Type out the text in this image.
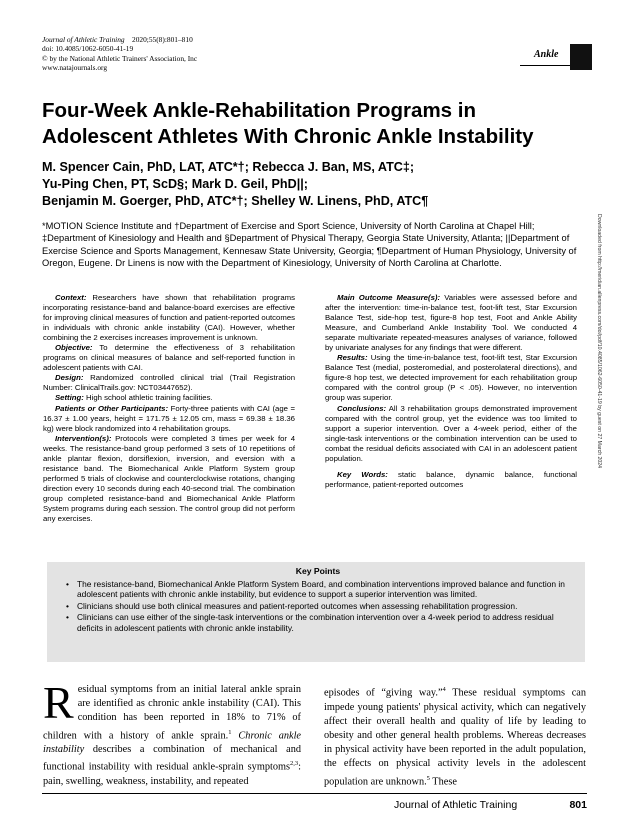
Journal of Athletic Training 2020;55(8):801–810
doi: 10.4085/1062-6050-41-19
© by the National Athletic Trainers' Association, Inc
www.natajournals.org
Ankle
Downloaded from http://meridian.allenpress.com/doi/pdf/10.4085/1062-6050-41-19 by guest on 27 March 2024
Four-Week Ankle-Rehabilitation Programs in
Adolescent Athletes With Chronic Ankle Instability
M. Spencer Cain, PhD, LAT, ATC*†; Rebecca J. Ban, MS, ATC‡;
Yu-Ping Chen, PT, ScD§; Mark D. Geil, PhD||;
Benjamin M. Goerger, PhD, ATC*†; Shelley W. Linens, PhD, ATC¶
*MOTION Science Institute and †Department of Exercise and Sport Science, University of North Carolina at Chapel Hill; ‡Department of Kinesiology and Health and §Department of Physical Therapy, Georgia State University, Atlanta; ||Department of Exercise Science and Sports Management, Kennesaw State University, Georgia; ¶Department of Human Physiology, University of Oregon, Eugene. Dr Linens is now with the Department of Kinesiology, University of North Carolina at Charlotte.

Context: Researchers have shown that rehabilitation programs incorporating resistance-band and balance-board exercises are effective for improving clinical measures of function and patient-reported outcomes in individuals with chronic ankle instability (CAI). However, whether combining the 2 exercises increases improvement is unknown.

Objective: To determine the effectiveness of 3 rehabilitation programs on clinical measures of balance and self-reported function in adolescent patients with CAI.

Design: Randomized controlled clinical trial (Trail Registration Number: ClinicalTrails.gov: NCT03447652).

Setting: High school athletic training facilities.

Patients or Other Participants: Forty-three patients with CAI (age = 16.37 ± 1.00 years, height = 171.75 ± 12.05 cm, mass = 69.38 ± 18.36 kg) were block randomized into 4 rehabilitation groups.

Intervention(s): Protocols were completed 3 times per week for 4 weeks. The resistance-band group performed 3 sets of 10 repetitions of ankle plantar flexion, dorsiflexion, inversion, and eversion with a resistance band. The Biomechanical Ankle Platform System group performed 5 trials of clockwise and counterclockwise rotations, changing direction every 10 seconds during each 40-second trial. The combination group completed resistance-band and Biomechanical Ankle Platform System programs during each session. The control group did not perform any exercises.

Main Outcome Measure(s): Variables were assessed before and after the intervention: time-in-balance test, foot-lift test, Star Excursion Balance Test, side-hop test, figure-8 hop test, Foot and Ankle Ability Measure, and Cumberland Ankle Instability Tool. We conducted 4 separate multivariate repeated-measures analyses of variance, followed by univariate analyses for any findings that were different.

Results: Using the time-in-balance test, foot-lift test, Star Excursion Balance Test (medial, posteromedial, and posterolateral directions), and figure-8 hop test, we detected improvement for each rehabilitation group compared with the control group (P < .05). However, no intervention group was superior.

Conclusions: All 3 rehabilitation groups demonstrated improvement compared with the control group, yet the evidence was too limited to support a superior intervention. Over a 4-week period, either of the single-task interventions or the combination intervention can be used to combat the residual deficits associated with CAI in an adolescent patient population.

Key Words: static balance, dynamic balance, functional performance, patient-reported outcomes

Key Points
• The resistance-band, Biomechanical Ankle Platform System Board, and combination interventions improved balance and function in adolescent patients with chronic ankle instability, but evidence to support a superior intervention was limited.
• Clinicians should use both clinical measures and patient-reported outcomes when assessing rehabilitation progression.
• Clinicians can use either of the single-task interventions or the combination intervention over a 4-week period to address residual deficits in adolescent patients with chronic ankle instability.
Residual symptoms from an initial lateral ankle sprain are identified as chronic ankle instability (CAI). This condition has been reported in 18% to 71% of children with a history of ankle sprain.$^1$ Chronic ankle instability describes a combination of mechanical and functional instability with residual ankle-sprain symptoms$^{2,3}$: pain, swelling, weakness, instability, and repeated
episodes of “giving way.”$^4$ These residual symptoms can impede young patients' physical activity, which can negatively affect their overall health and quality of life by leading to obesity and other general health problems. Whereas decreases in physical activity have been reported in the adult population, the effects on physical activity levels in the adolescent population are unknown.$^5$ These
Journal of Athletic Training	801
